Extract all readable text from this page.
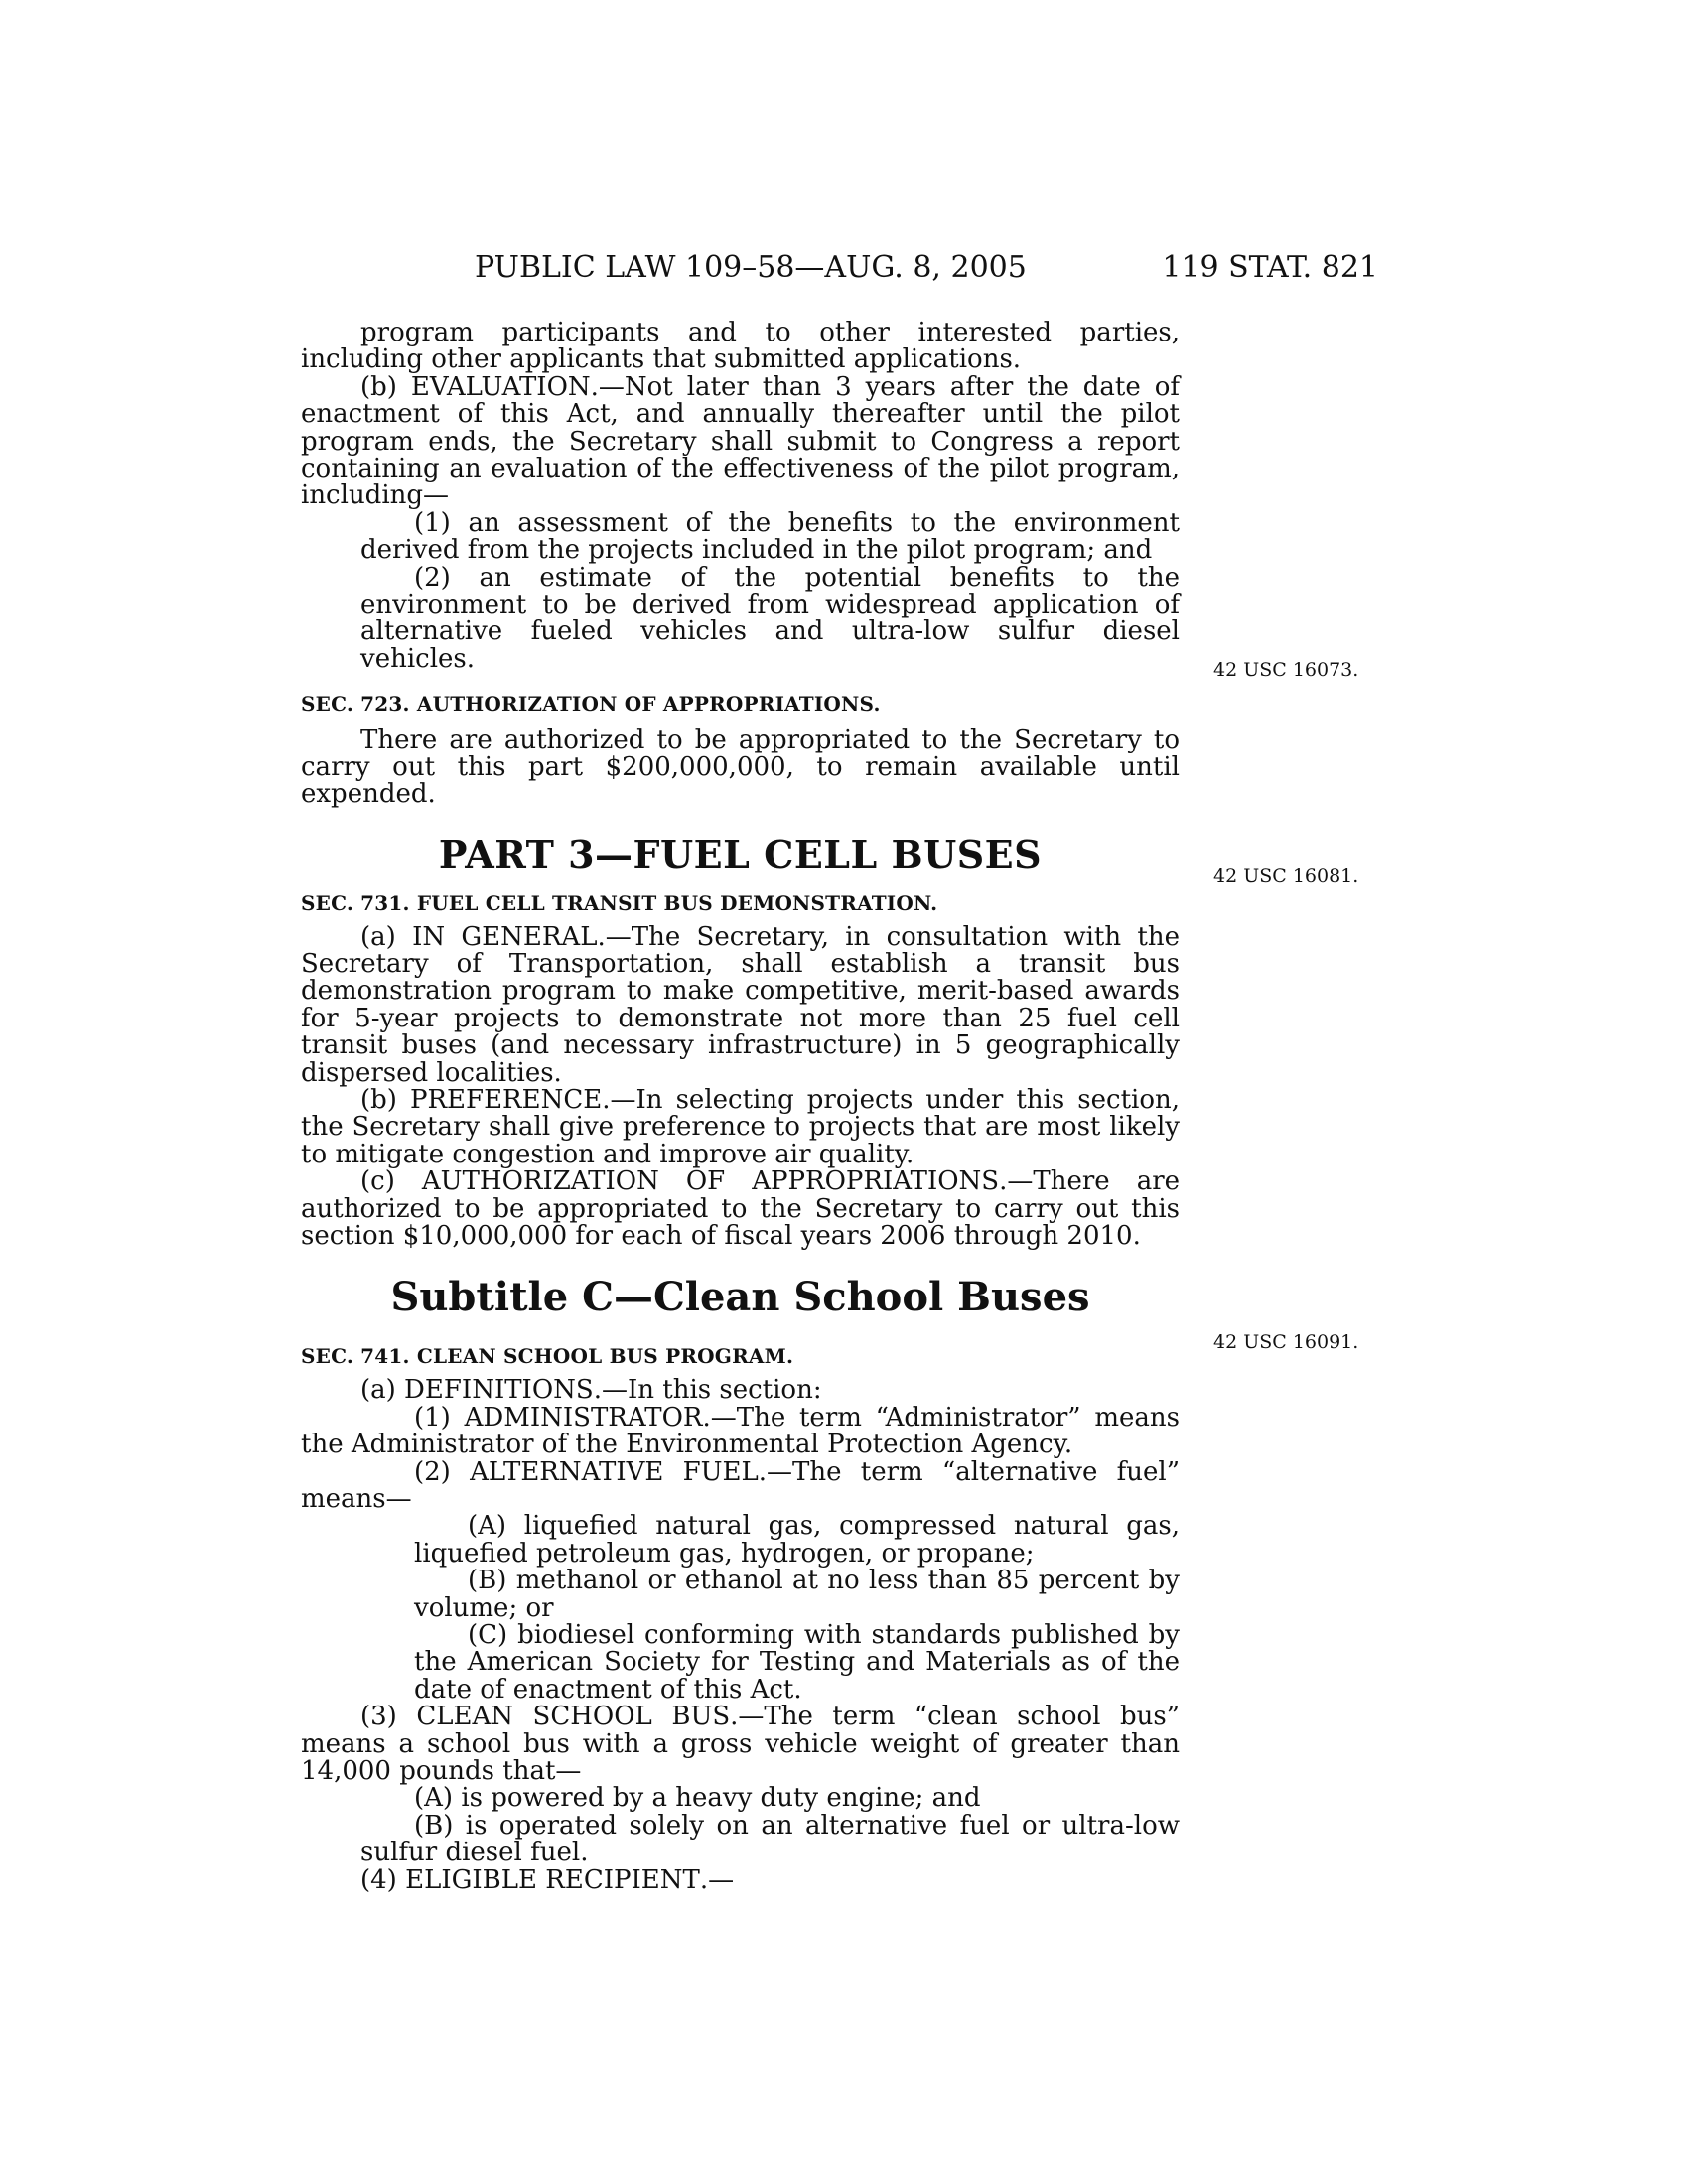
PUBLIC LAW 109–58—AUG. 8, 2005	119 STAT. 821
42 USC 16073.
42 USC 16081.
42 USC 16091.

program participants and to other interested parties, including other applicants that submitted applications.

(b) EVALUATION.—Not later than 3 years after the date of enactment of this Act, and annually thereafter until the pilot program ends, the Secretary shall submit to Congress a report containing an evaluation of the effectiveness of the pilot program, including—

(1) an assessment of the benefits to the environment derived from the projects included in the pilot program; and

(2) an estimate of the potential benefits to the environment to be derived from widespread application of alternative fueled vehicles and ultra-low sulfur diesel vehicles.

SEC. 723. AUTHORIZATION OF APPROPRIATIONS.

There are authorized to be appropriated to the Secretary to carry out this part $200,000,000, to remain available until expended.

PART 3—FUEL CELL BUSES

SEC. 731. FUEL CELL TRANSIT BUS DEMONSTRATION.

(a) IN GENERAL.—The Secretary, in consultation with the Secretary of Transportation, shall establish a transit bus demonstration program to make competitive, merit-based awards for 5-year projects to demonstrate not more than 25 fuel cell transit buses (and necessary infrastructure) in 5 geographically dispersed localities.

(b) PREFERENCE.—In selecting projects under this section, the Secretary shall give preference to projects that are most likely to mitigate congestion and improve air quality.

(c) AUTHORIZATION OF APPROPRIATIONS.—There are authorized to be appropriated to the Secretary to carry out this section $10,000,000 for each of fiscal years 2006 through 2010.

Subtitle C—Clean School Buses

SEC. 741. CLEAN SCHOOL BUS PROGRAM.

(a) DEFINITIONS.—In this section:

(1) ADMINISTRATOR.—The term “Administrator” means the Administrator of the Environmental Protection Agency.

(2) ALTERNATIVE FUEL.—The term “alternative fuel” means—

(A) liquefied natural gas, compressed natural gas, liquefied petroleum gas, hydrogen, or propane;

(B) methanol or ethanol at no less than 85 percent by volume; or

(C) biodiesel conforming with standards published by the American Society for Testing and Materials as of the date of enactment of this Act.

(3) CLEAN SCHOOL BUS.—The term “clean school bus” means a school bus with a gross vehicle weight of greater than 14,000 pounds that—

(A) is powered by a heavy duty engine; and

(B) is operated solely on an alternative fuel or ultra-low sulfur diesel fuel.

(4) ELIGIBLE RECIPIENT.—
